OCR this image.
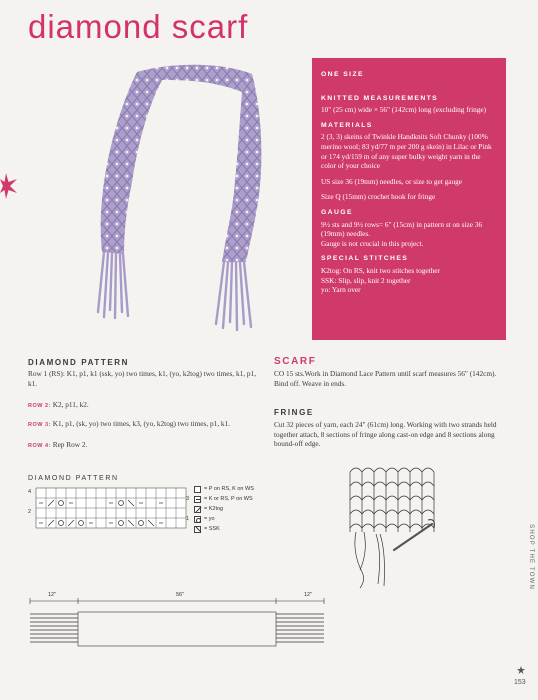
diamond scarf
ONE SIZE
KNITTED MEASUREMENTS

10" (25 cm) wide × 56" (142cm) long (excluding fringe)

MATERIALS

2 (3, 3) skeins of Twinkle Handknits Soft Chunky (100% merino wool; 83 yd/77 m per 200 g skein) in Lilac or Pink or 174 yd/159 m of any super bulky weight yarn in the color of your choice

US size 36 (19mm) needles, or size to get gauge

Size Q (15mm) crochet hook for fringe

GAUGE

9½ sts and 9½ rows= 6" (15cm) in pattern st on size 36 (19mm) needles.

Gauge is not crucial in this project.

SPECIAL STITCHES
K2tog: On RS, knit two stitches together
SSK: Slip, slip, knit 2 together
yo: Yarn over
DIAMOND PATTERN
Row 1 (RS): K1, p1, k1 (ssk, yo) two times, k1, (yo, k2tog) two times, k1, p1, k1.
ROW 2: K2, p11, k2.
ROW 3: K1, p1, (sk, yo) two times, k3, (yo, k2tog) two times, p1, k1.
ROW 4: Rep Row 2.
SCARF
CO 15 sts.Work in Diamond Lace Pattern until scarf measures 56" (142cm). Bind off. Weave in ends.
FRINGE
Cut 32 pieces of yarn, each 24" (61cm) long. Working with two strands held together attach, 8 sections of fringe along cast-on edge and 8 sections along bound-off edge.
DIAMOND PATTERN
4
2
3
1
= P on RS, K on WS
= K or RS, P on WS
= K2tog
= yo
= SSK
12"	56"	12"
SHOP THE TOWN
153
